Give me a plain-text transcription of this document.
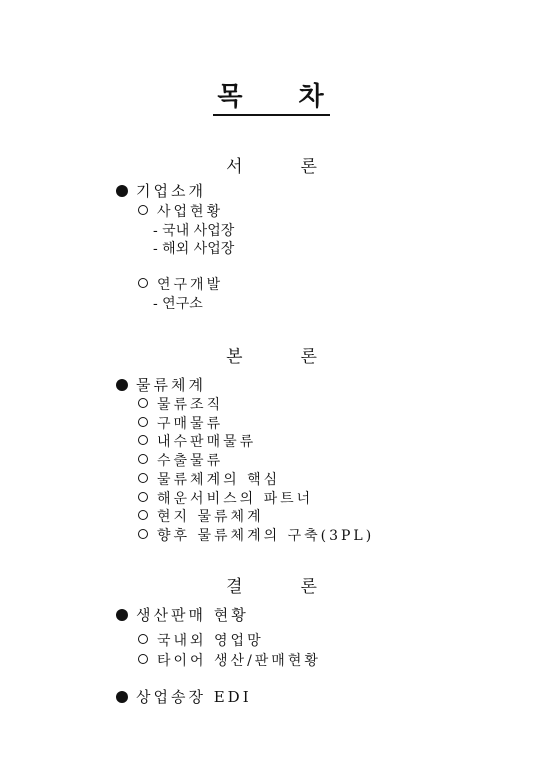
목 차
서	론
기업소개
사업현황
- 국내 사업장
- 해외 사업장
연구개발
- 연구소
본	론
물류체계
물류조직
구매물류
내수판매물류
수출물류
물류체계의 핵심
해운서비스의 파트너
현지 물류체계
향후 물류체계의 구축(3PL)
결	론
생산판매 현황
국내외 영업망
타이어 생산/판매현황
상업송장 EDI
